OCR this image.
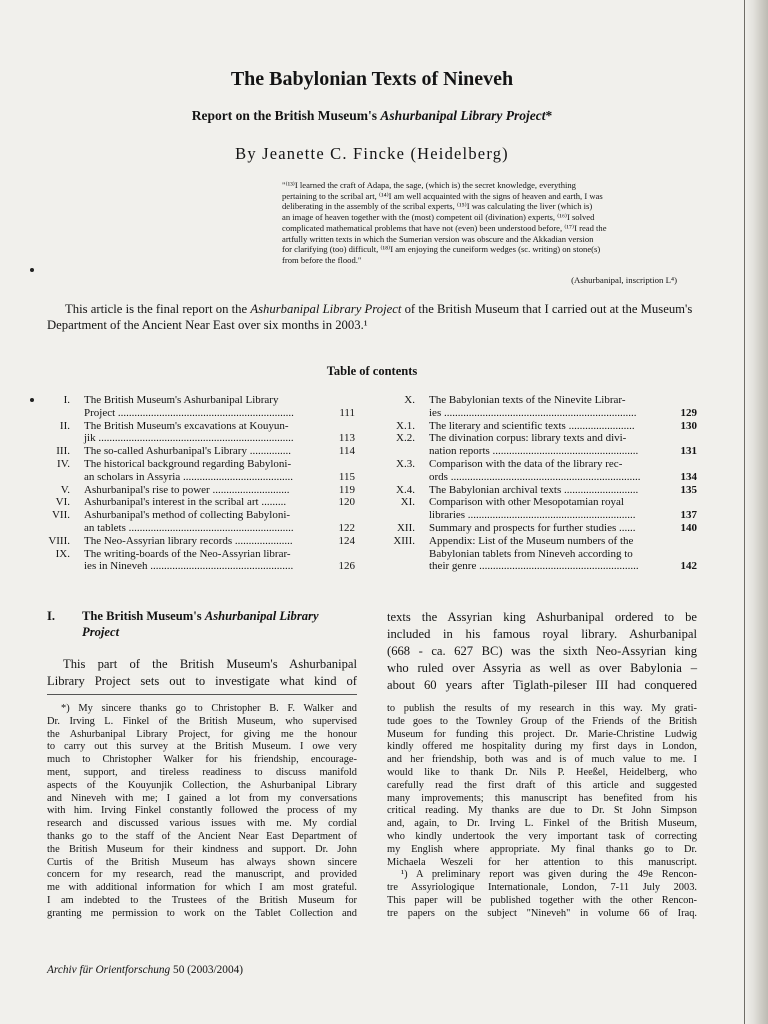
The Babylonian Texts of Nineveh
Report on the British Museum's Ashurbanipal Library Project*
By Jeanette C. Fincke (Heidelberg)
"⁽¹³⁾I learned the craft of Adapa, the sage, (which is) the secret knowledge, everything
pertaining to the scribal art, ⁽¹⁴⁾I am well acquainted with the signs of heaven and earth, I was
deliberating in the assembly of the scribal experts, ⁽¹⁵⁾I was calculating the liver (which is)
an image of heaven together with the (most) competent oil (divination) experts, ⁽¹⁶⁾I solved
complicated mathematical problems that have not (even) been understood before, ⁽¹⁷⁾I read the
artfully written texts in which the Sumerian version was obscure and the Akkadian version
for clarifying (too) difficult, ⁽¹⁸⁾I am enjoying the cuneiform wedges (sc. writing) on stone(s)
from before the flood."
(Ashurbanipal, inscription L⁴)

This article is the final report on the Ashurbanipal Library Project of the British Museum that I carried out at the Museum's Department of the Ancient Near East over six months in 2003.¹

Table of contents
I. The British Museum's Ashurbanipal Library
Project ................................................................	111
II. The British Museum's excavations at Kouyun-
jik .......................................................................	113
III. The so-called Ashurbanipal's Library ...............	114
IV. The historical background regarding Babyloni-
an scholars in Assyria ........................................	115
V. Ashurbanipal's rise to power ............................	119
VI. Ashurbanipal's interest in the scribal art .........	120
VII. Ashurbanipal's method of collecting Babyloni-
an tablets ............................................................	122
VIII. The Neo-Assyrian library records .....................	124
IX. The writing-boards of the Neo-Assyrian librar-
ies in Nineveh ....................................................	126
X. The Babylonian texts of the Ninevite Librar-
ies ......................................................................	129
X.1. The literary and scientific texts ........................	130
X.2. The divination corpus: library texts and divi-
nation reports .....................................................	131
X.3. Comparison with the data of the library rec-
ords .....................................................................	134
X.4. The Babylonian archival texts ...........................	135
XI. Comparison with other Mesopotamian royal
libraries .............................................................	137
XII. Summary and prospects for further studies ......	140
XIII. Appendix: List of the Museum numbers of the
Babylonian tablets from Nineveh according to
their genre ..........................................................	142
I. The British Museum's Ashurbanipal Library
Project
This part of the British Museum's Ashurbanipal
Library Project sets out to investigate what kind of
texts the Assyrian king Ashurbanipal ordered to be
included in his famous royal library. Ashurbanipal
(668 - ca. 627 BC) was the sixth Neo-Assyrian king
who ruled over Assyria as well as over Babylonia –
about 60 years after Tiglath-pileser III had conquered
*) My sincere thanks go to Christopher B. F. Walker and
Dr. Irving L. Finkel of the British Museum, who supervised
the Ashurbanipal Library Project, for giving me the honour
to carry out this survey at the British Museum. I owe very
much to Christopher Walker for his friendship, encourage-
ment, support, and tireless readiness to discuss manifold
aspects of the Kouyunjik Collection, the Ashurbanipal Library
and Nineveh with me; I gained a lot from my conversations
with him. Irving Finkel constantly followed the process of my
research and discussed various issues with me. My cordial
thanks go to the staff of the Ancient Near East Department of
the British Museum for their kindness and support. Dr. John
Curtis of the British Museum has always shown sincere
concern for my research, read the manuscript, and provided
me with additional information for which I am most grateful.
I am indebted to the Trustees of the British Museum for
granting me permission to work on the Tablet Collection and
to publish the results of my research in this way. My grati-
tude goes to the Townley Group of the Friends of the British
Museum for funding this project. Dr. Marie-Christine Ludwig
kindly offered me hospitality during my first days in London,
and her friendship, both was and is of much value to me. I
would like to thank Dr. Nils P. Heeßel, Heidelberg, who
carefully read the first draft of this article and suggested
many improvements; this manuscript has benefited from his
critical reading. My thanks are due to Dr. St John Simpson
and, again, to Dr. Irving L. Finkel of the British Museum,
who kindly undertook the very important task of correcting
my English where appropriate. My final thanks go to Dr.
Michaela Weszeli for her attention to this manuscript.
¹) A preliminary report was given during the 49e Rencon-
tre Assyriologique Internationale, London, 7-11 July 2003.
This paper will be published together with the other Rencon-
tre papers on the subject "Nineveh" in volume 66 of Iraq.
Archiv für Orientforschung 50 (2003/2004)
